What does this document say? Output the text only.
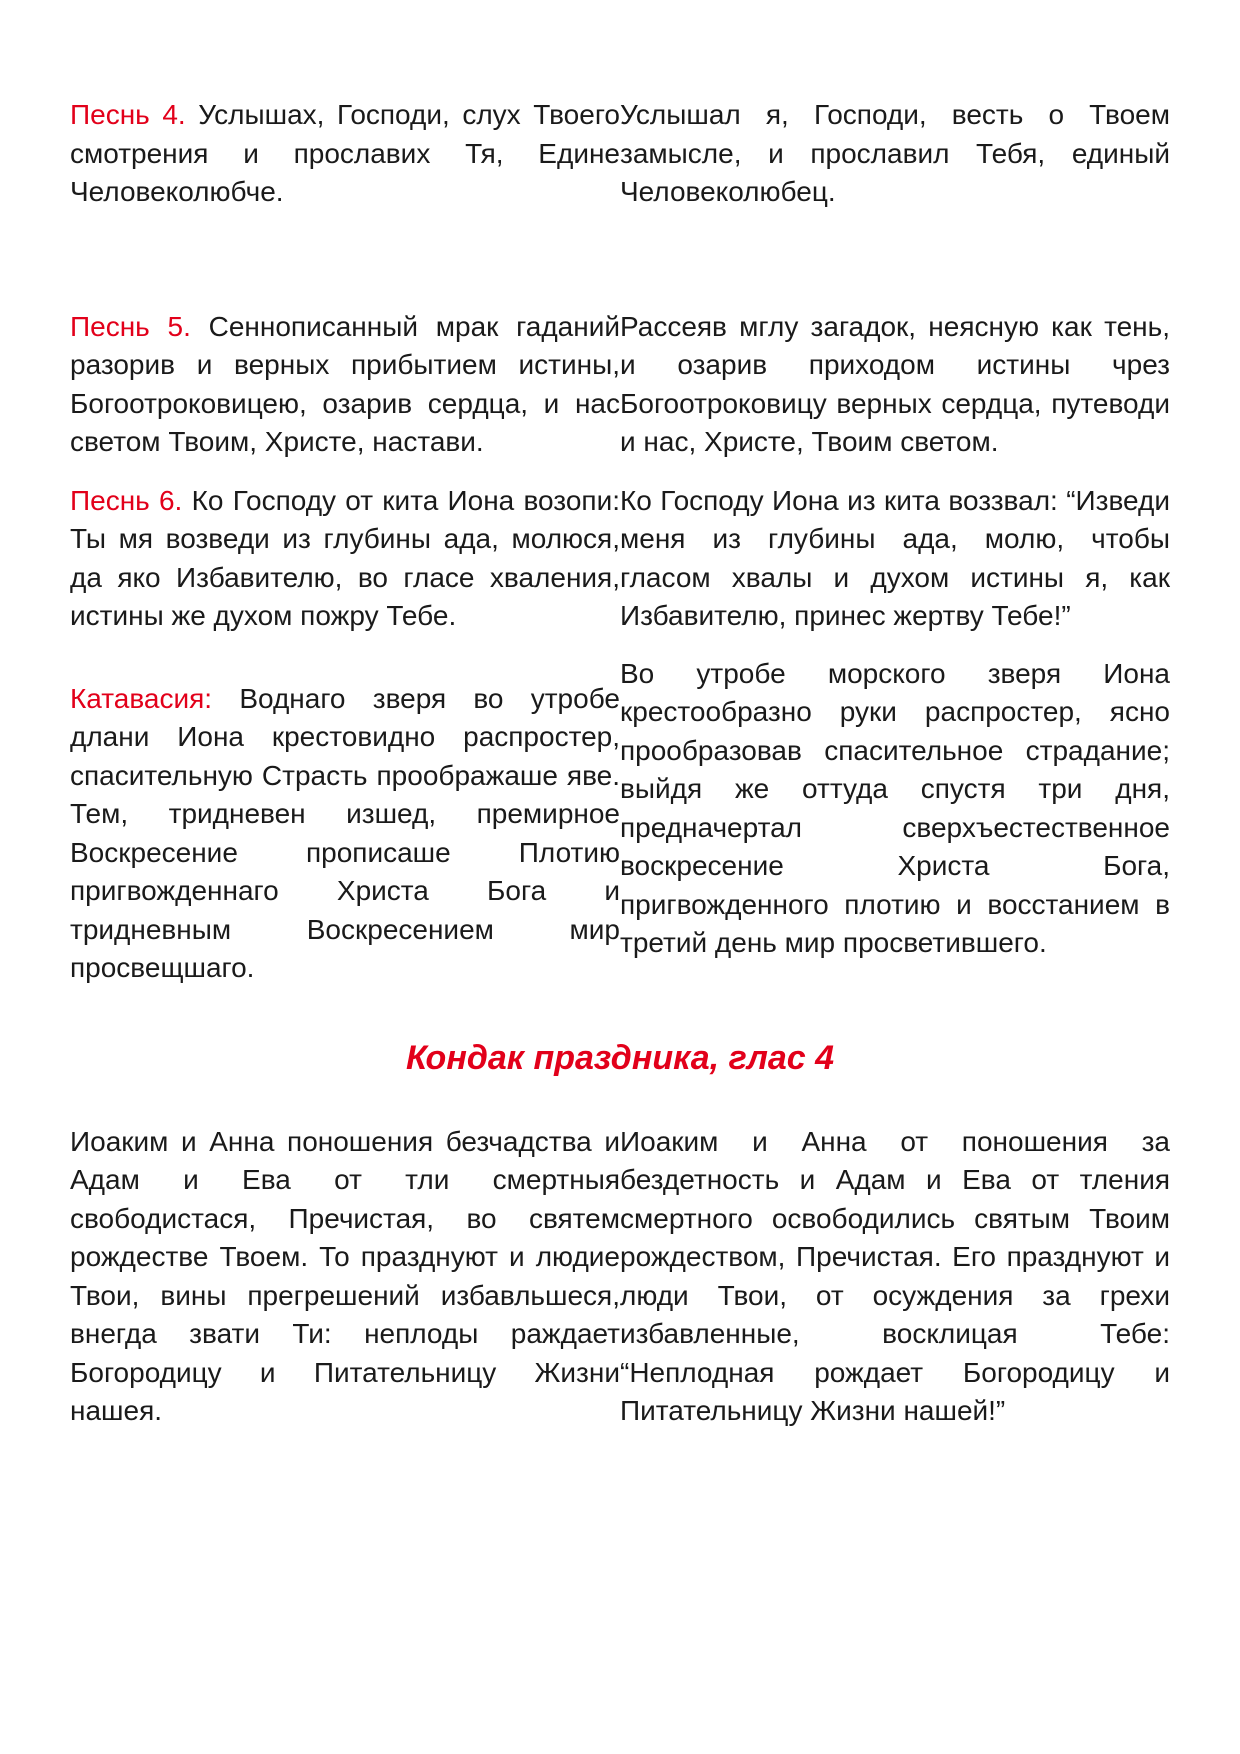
Песнь 4. Услышах, Господи, слух Твоего смотрения и прославих Тя, Едине Человеколюбче.
Услышал я, Господи, весть о Твоем замысле, и прославил Тебя, единый Человеколюбец.
Песнь 5. Сеннописанный мрак гаданий разорив и верных прибытием истины, Богоотроковицею, озарив сердца, и нас светом Твоим, Христе, настави.
Рассеяв мглу загадок, неясную как тень, и озарив приходом истины чрез Богоотроковицу верных сердца, путеводи и нас, Христе, Твоим светом.
Песнь 6. Ко Господу от кита Иона возопи: Ты мя возведи из глубины ада, молюся, да яко Избавителю, во гласе хваления, истины же духом пожру Тебе.
Ко Господу Иона из кита воззвал: “Изведи меня из глубины ада, молю, чтобы гласом хвалы и духом истины я, как Избавителю, принес жертву Тебе!”
Катавасия: Воднаго зверя во утробе длани Иона крестовидно распростер, спасительную Страсть проображаше яве. Тем, тридневен изшед, премирное Воскресение прописаше Плотию пригвожденнаго Христа Бога и тридневным Воскресением мир просвещшаго.
Во утробе морского зверя Иона крестообразно руки распростер, ясно прообразовав спасительное страдание; выйдя же оттуда спустя три дня, предначертал сверхъестественное воскресение Христа Бога, пригвожденного плотию и восстанием в третий день мир просветившего.
Кондак праздника, глас 4
Иоаким и Анна поношения безчадства и Адам и Ева от тли смертныя свободистася, Пречистая, во святем рождестве Твоем. То празднуют и людие Твои, вины прегрешений избавльшеся, внегда звати Ти: неплоды раждает Богородицу и Питательницу Жизни нашея.
Иоаким и Анна от поношения за бездетность и Адам и Ева от тления смертного освободились святым Твоим рождеством, Пречистая. Его празднуют и люди Твои, от осуждения за грехи избавленные, восклицая Тебе: “Неплодная рождает Богородицу и Питательницу Жизни нашей!”
